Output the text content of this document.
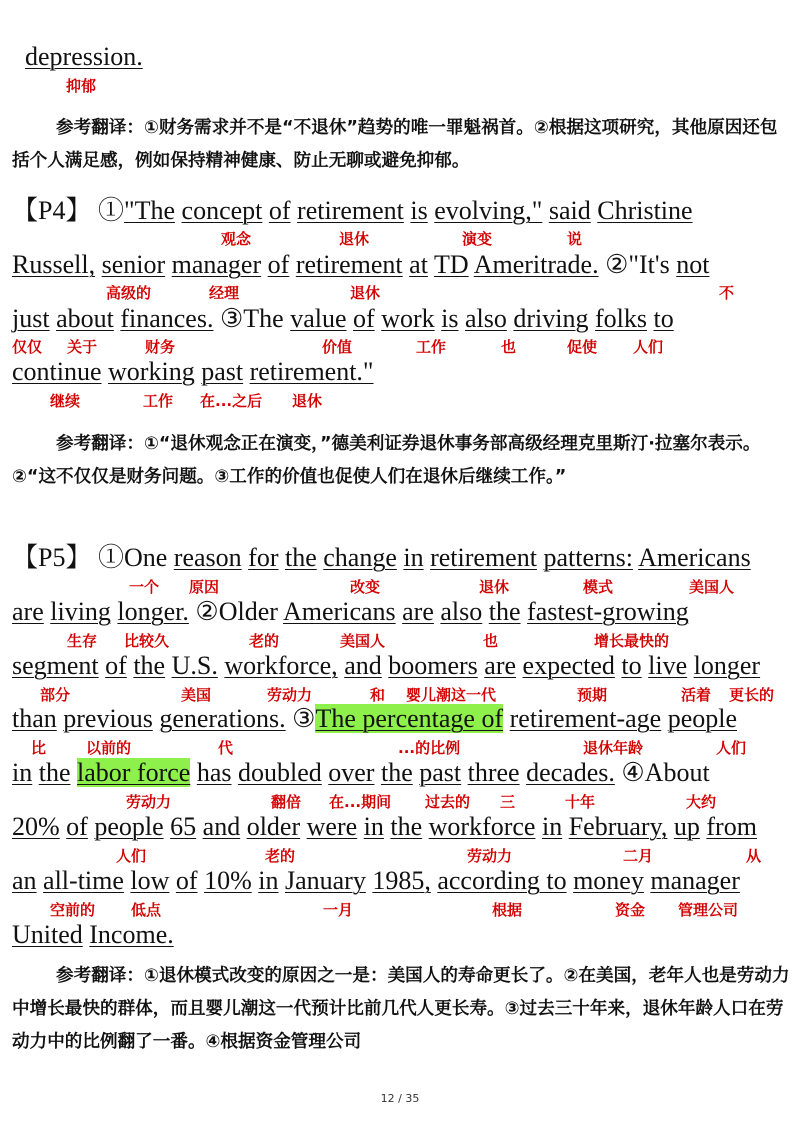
depression.
抑郁

参考翻译：①财务需求并不是“不退休”趋势的唯一罪魁祸首。②根据这项研究，其他原因还包括个人满足感，例如保持精神健康、防止无聊或避免抑郁。

【P4】 ①"The concept of retirement is evolving," said Christine
观念	退休	演变	说
Russell, senior manager of retirement at TD Ameritrade. ②"It's not
高级的	经理	退休	不
just about finances. ③The value of work is also driving folks to
仅仅 关于	财务	价值	工作	也	促使 人们
continue working past retirement."
继续	工作 在...之后 退休

参考翻译：①“退休观念正在演变，”德美利证券退休事务部高级经理克里斯汀·拉塞尔表示。②“这不仅仅是财务问题。③工作的价值也促使人们在退休后继续工作。”

【P5】 ①One reason for the change in retirement patterns: Americans
一个 原因	改变	退休	模式	美国人
are living longer. ②Older Americans are also the fastest-growing
生存 比较久	老的	美国人	也	增长最快的
segment of the U.S. workforce, and boomers are expected to live longer
部分	美国	劳动力	和 婴儿潮这一代	预期	活着 更长的
than previous generations. ③The percentage of retirement-age people
比	以前的	代	...的比例	退休年龄	人们
in the labor force has doubled over the past three decades. ④About
劳动力	翻倍 在...期间 过去的 三	十年	大约
20% of people 65 and older were in the workforce in February, up from
人们	老的	劳动力	二月	从
an all-time low of 10% in January 1985, according to money manager
空前的 低点	一月	根据	资金 管理公司
United Income.

参考翻译：①退休模式改变的原因之一是：美国人的寿命更长了。②在美国，老年人也是劳动力中增长最快的群体，而且婴儿潮这一代预计比前几代人更长寿。③过去三十年来，退休年龄人口在劳动力中的比例翻了一番。④根据资金管理公司

12 / 35
